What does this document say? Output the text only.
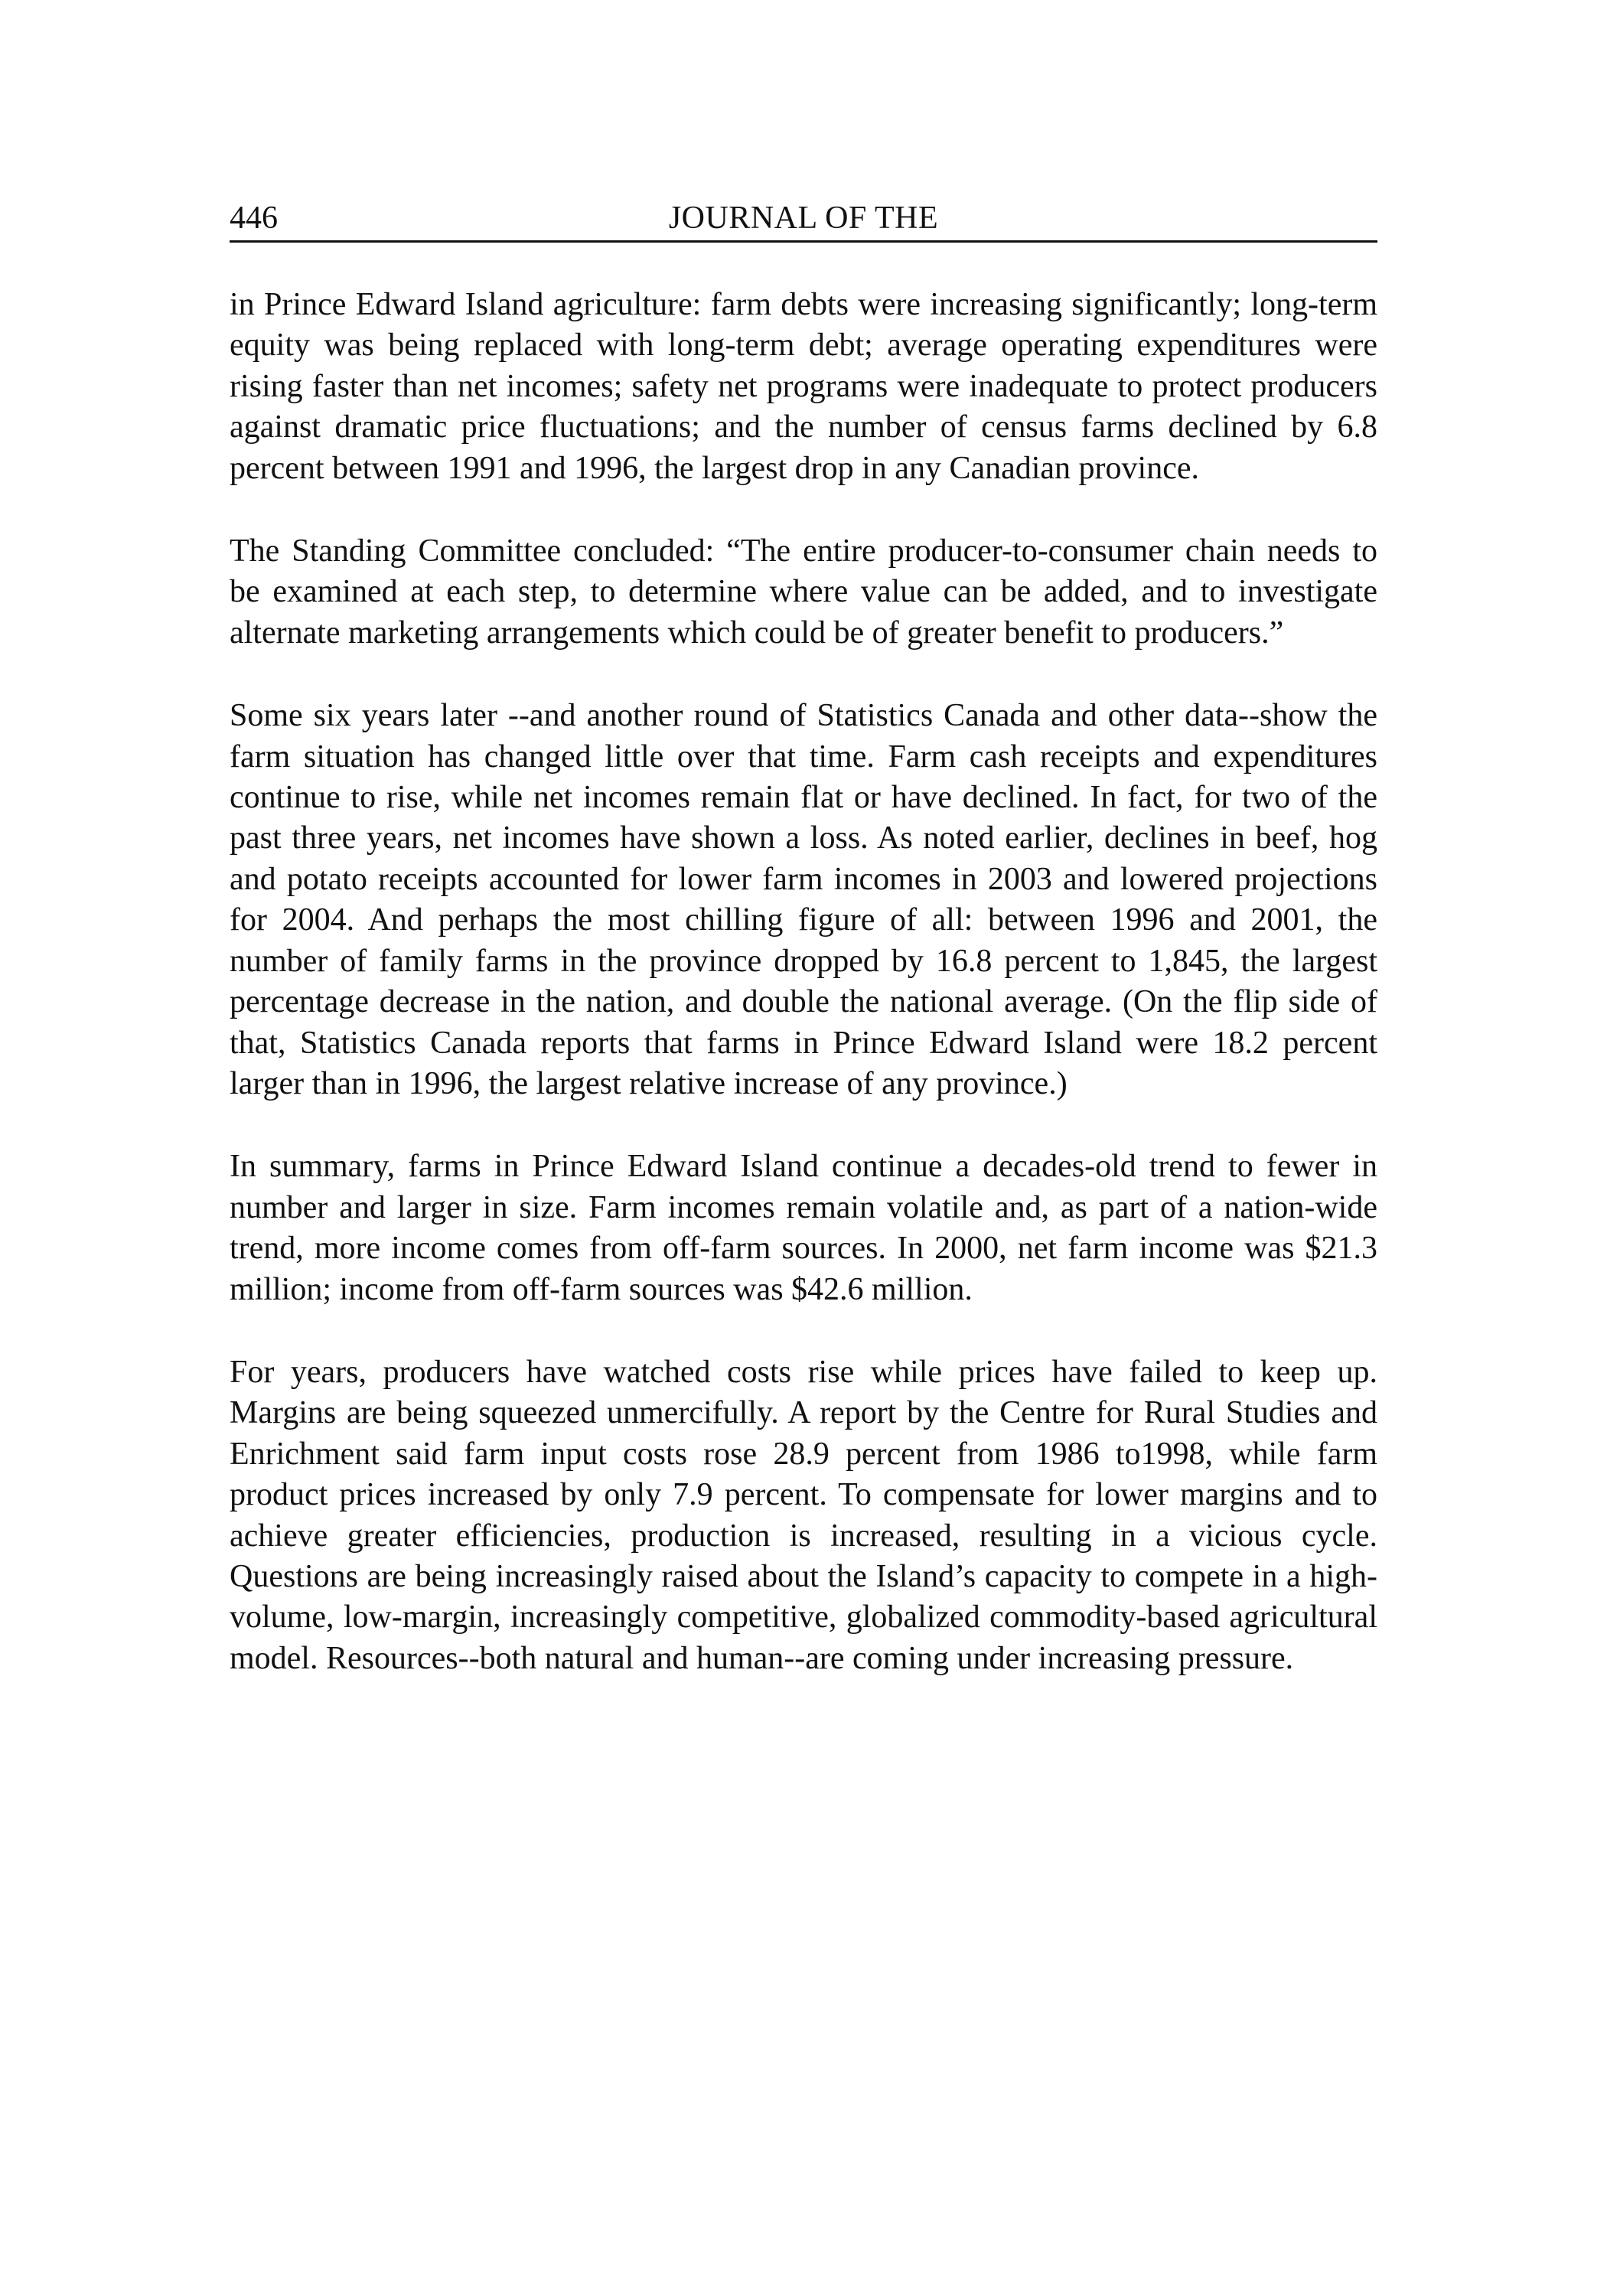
446	JOURNAL OF THE

in Prince Edward Island agriculture: farm debts were increasing significantly; long-term equity was being replaced with long-term debt; average operating expenditures were rising faster than net incomes; safety net programs were inadequate to protect producers against dramatic price fluctuations; and the number of census farms declined by 6.8 percent between 1991 and 1996, the largest drop in any Canadian province.

The Standing Committee concluded: “The entire producer-to-consumer chain needs to be examined at each step, to determine where value can be added, and to investigate alternate marketing arrangements which could be of greater benefit to producers.”

Some six years later --and another round of Statistics Canada and other data--show the farm situation has changed little over that time. Farm cash receipts and expenditures continue to rise, while net incomes remain flat or have declined. In fact, for two of the past three years, net incomes have shown a loss. As noted earlier, declines in beef, hog and potato receipts accounted for lower farm incomes in 2003 and lowered projections for 2004. And perhaps the most chilling figure of all: between 1996 and 2001, the number of family farms in the province dropped by 16.8 percent to 1,845, the largest percentage decrease in the nation, and double the national average. (On the flip side of that, Statistics Canada reports that farms in Prince Edward Island were 18.2 percent larger than in 1996, the largest relative increase of any province.)

In summary, farms in Prince Edward Island continue a decades-old trend to fewer in number and larger in size. Farm incomes remain volatile and, as part of a nation-wide trend, more income comes from off-farm sources. In 2000, net farm income was $21.3 million; income from off-farm sources was $42.6 million.

For years, producers have watched costs rise while prices have failed to keep up. Margins are being squeezed unmercifully. A report by the Centre for Rural Studies and Enrichment said farm input costs rose 28.9 percent from 1986 to1998, while farm product prices increased by only 7.9 percent. To compensate for lower margins and to achieve greater efficiencies, production is increased, resulting in a vicious cycle. Questions are being increasingly raised about the Island’s capacity to compete in a high-volume, low-margin, increasingly competitive, globalized commodity-based agricultural model. Resources--both natural and human--are coming under increasing pressure.
